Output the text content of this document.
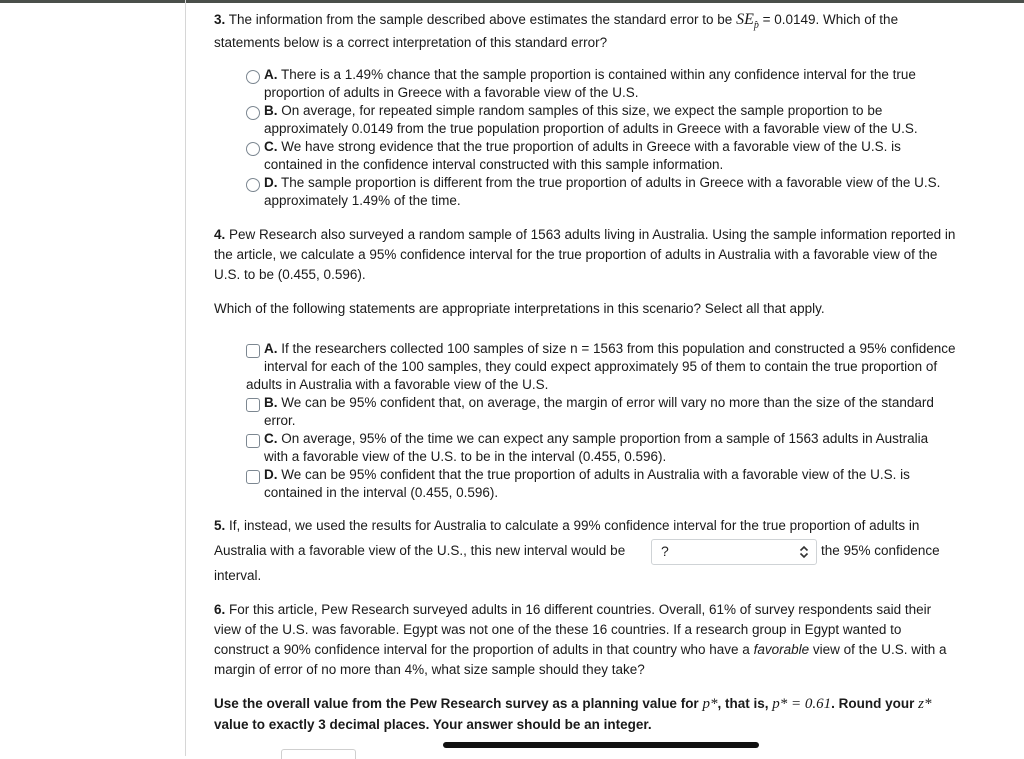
3. The information from the sample described above estimates the standard error to be $SE_{p̂} = 0.0149$. Which of the
statements below is a correct interpretation of this standard error?
A. There is a 1.49% chance that the sample proportion is contained within any confidence interval for the true
proportion of adults in Greece with a favorable view of the U.S.
B. On average, for repeated simple random samples of this size, we expect the sample proportion to be
approximately 0.0149 from the true population proportion of adults in Greece with a favorable view of the U.S.
C. We have strong evidence that the true proportion of adults in Greece with a favorable view of the U.S. is
contained in the confidence interval constructed with this sample information.
D. The sample proportion is different from the true proportion of adults in Greece with a favorable view of the U.S.
approximately 1.49% of the time.
4. Pew Research also surveyed a random sample of 1563 adults living in Australia. Using the sample information reported in
the article, we calculate a 95% confidence interval for the true proportion of adults in Australia with a favorable view of the
U.S. to be (0.455, 0.596).
Which of the following statements are appropriate interpretations in this scenario? Select all that apply.
A. If the researchers collected 100 samples of size n = 1563 from this population and constructed a 95% confidence
interval for each of the 100 samples, they could expect approximately 95 of them to contain the true proportion of
adults in Australia with a favorable view of the U.S.
B. We can be 95% confident that, on average, the margin of error will vary no more than the size of the standard
error.
C. On average, 95% of the time we can expect any sample proportion from a sample of 1563 adults in Australia
with a favorable view of the U.S. to be in the interval (0.455, 0.596).
D. We can be 95% confident that the true proportion of adults in Australia with a favorable view of the U.S. is
contained in the interval (0.455, 0.596).
5. If, instead, we used the results for Australia to calculate a 99% confidence interval for the true proportion of adults in
Australia with a favorable view of the U.S., this new interval would be	?	the 95% confidence
interval.
6. For this article, Pew Research surveyed adults in 16 different countries. Overall, 61% of survey respondents said their
view of the U.S. was favorable. Egypt was not one of the these 16 countries. If a research group in Egypt wanted to
construct a 90% confidence interval for the proportion of adults in that country who have a favorable view of the U.S. with a
margin of error of no more than 4%, what size sample should they take?
Use the overall value from the Pew Research survey as a planning value for p*, that is, p* = 0.61. Round your z*
value to exactly 3 decimal places. Your answer should be an integer.
